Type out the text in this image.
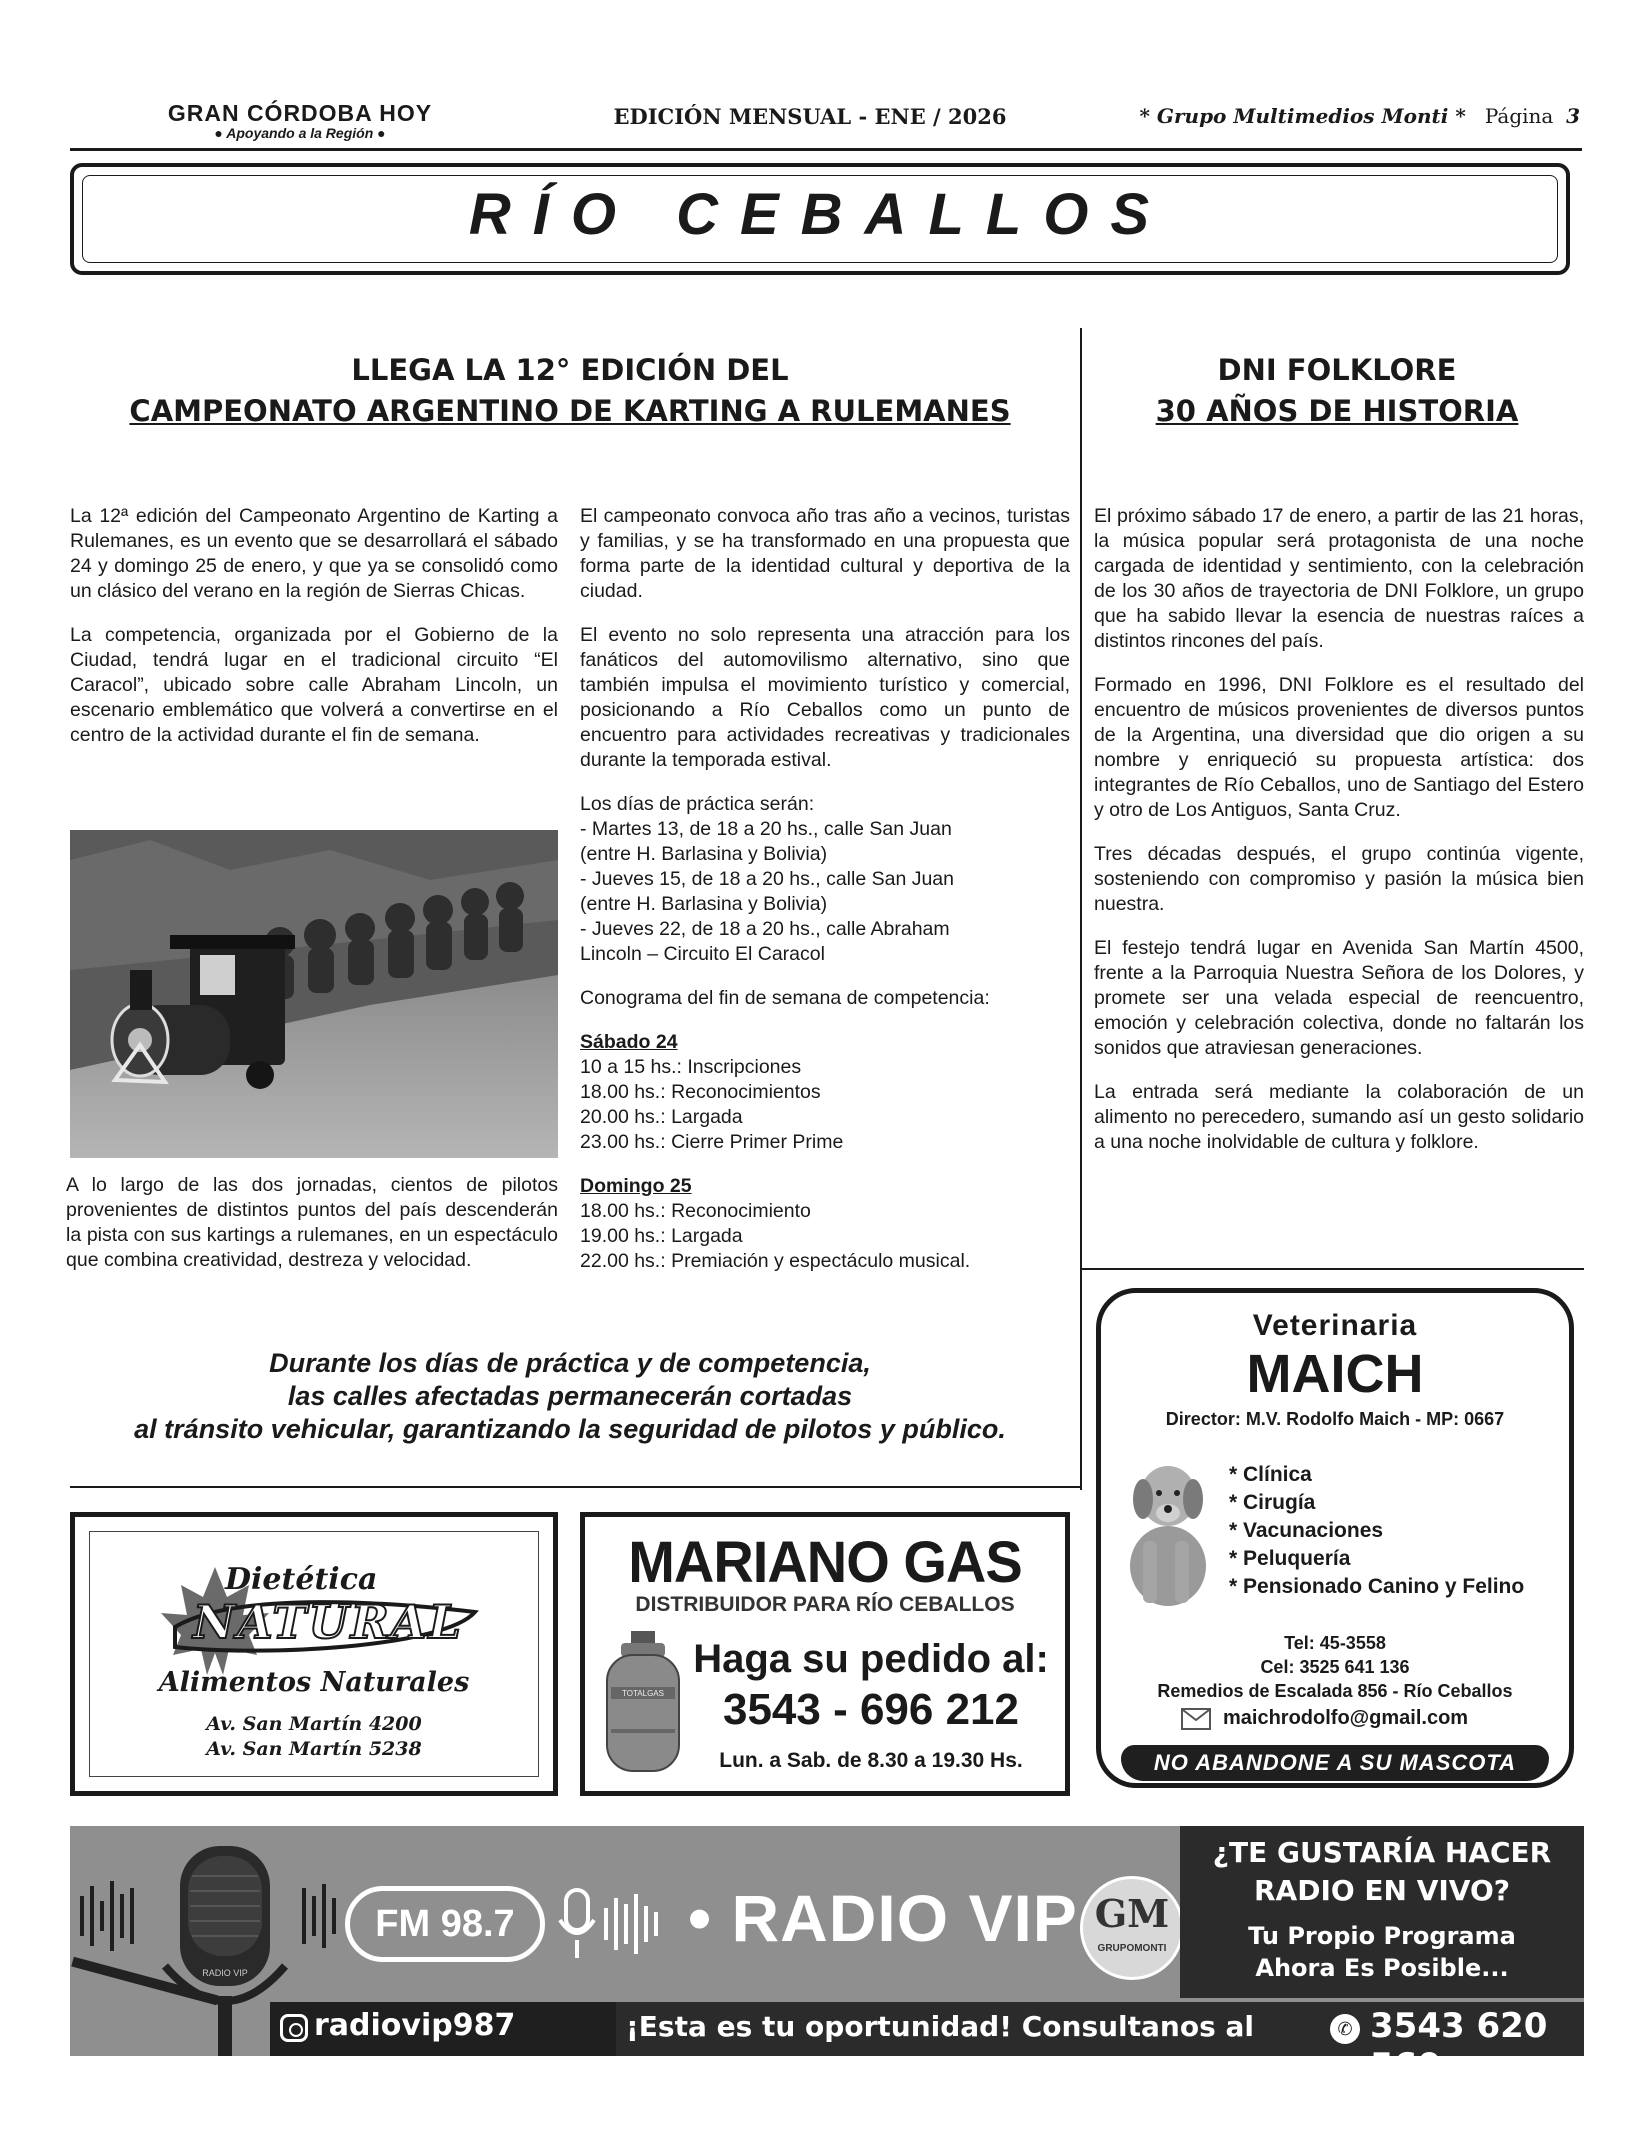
GRAN CÓRDOBA HOY
● Apoyando a la Región ●
EDICIÓN MENSUAL - ENE / 2026	* Grupo Multimedios Monti * Página 3
RÍO CEBALLOS
LLEGA LA 12° EDICIÓN DEL
CAMPEONATO ARGENTINO DE KARTING A RULEMANES

La 12ª edición del Campeonato Argentino de Karting a Rulemanes, es un evento que se desarrollará el sábado 24 y domingo 25 de enero, y que ya se consolidó como un clásico del verano en la región de Sierras Chicas.

La competencia, organizada por el Gobierno de la Ciudad, tendrá lugar en el tradicional circuito “El Caracol”, ubicado sobre calle Abraham Lincoln, un escenario emblemático que volverá a convertirse en el centro de la actividad durante el fin de semana.

A lo largo de las dos jornadas, cientos de pilotos provenientes de distintos puntos del país descenderán la pista con sus kartings a rulemanes, en un espectáculo que combina creatividad, destreza y velocidad.

El campeonato convoca año tras año a vecinos, turistas y familias, y se ha transformado en una propuesta que forma parte de la identidad cultural y deportiva de la ciudad.

El evento no solo representa una atracción para los fanáticos del automovilismo alternativo, sino que también impulsa el movimiento turístico y comercial, posicionando a Río Ceballos como un punto de encuentro para actividades recreativas y tradicionales durante la temporada estival.

Los días de práctica serán:
- Martes 13, de 18 a 20 hs., calle San Juan
(entre H. Barlasina y Bolivia)
- Jueves 15, de 18 a 20 hs., calle San Juan
(entre H. Barlasina y Bolivia)
- Jueves 22, de 18 a 20 hs., calle Abraham
Lincoln – Circuito El Caracol
Conograma del fin de semana de competencia:
Sábado 24
10 a 15 hs.: Inscripciones
18.00 hs.: Reconocimientos
20.00 hs.: Largada
23.00 hs.: Cierre Primer Prime
Domingo 25
18.00 hs.: Reconocimiento
19.00 hs.: Largada
22.00 hs.: Premiación y espectáculo musical.
Durante los días de práctica y de competencia,
las calles afectadas permanecerán cortadas
al tránsito vehicular, garantizando la seguridad de pilotos y público.
DNI FOLKLORE
30 AÑOS DE HISTORIA

El próximo sábado 17 de enero, a partir de las 21 horas, la música popular será protagonista de una noche cargada de identidad y sentimiento, con la celebración de los 30 años de trayectoria de DNI Folklore, un grupo que ha sabido llevar la esencia de nuestras raíces a distintos rincones del país.

Formado en 1996, DNI Folklore es el resultado del encuentro de músicos provenientes de diversos puntos de la Argentina, una diversidad que dio origen a su nombre y enriqueció su propuesta artística: dos integrantes de Río Ceballos, uno de Santiago del Estero y otro de Los Antiguos, Santa Cruz.

Tres décadas después, el grupo continúa vigente, sosteniendo con compromiso y pasión la música bien nuestra.

El festejo tendrá lugar en Avenida San Martín 4500, frente a la Parroquia Nuestra Señora de los Dolores, y promete ser una velada especial de reencuentro, emoción y celebración colectiva, donde no faltarán los sonidos que atraviesan generaciones.

La entrada será mediante la colaboración de un alimento no perecedero, sumando así un gesto solidario a una noche inolvidable de cultura y folklore.

Dietética
NATURAL
Alimentos Naturales
Av. San Martín 4200
Av. San Martín 5238
MARIANO GAS
DISTRIBUIDOR PARA RÍO CEBALLOS
TOTALGAS
Haga su pedido al:
3543 - 696 212
Lun. a Sab. de 8.30 a 19.30 Hs.
Veterinaria
MAICH
Director: M.V. Rodolfo Maich - MP: 0667
* Clínica
* Cirugía
* Vacunaciones
* Peluquería
* Pensionado Canino y Felino
Tel: 45-3558
Cel: 3525 641 136
Remedios de Escalada 856 - Río Ceballos
maichrodolfo@gmail.com
NO ABANDONE A SU MASCOTA
RADIO VIP
FM 98.7	• RADIO VIP GM
GRUPOMONTI
¿TE GUSTARÍA HACER
RADIO EN VIVO?
Tu Propio Programa
Ahora Es Posible...
radiovip987	¡Esta es tu oportunidad! Consultanos al	✆ 3543 620 560
